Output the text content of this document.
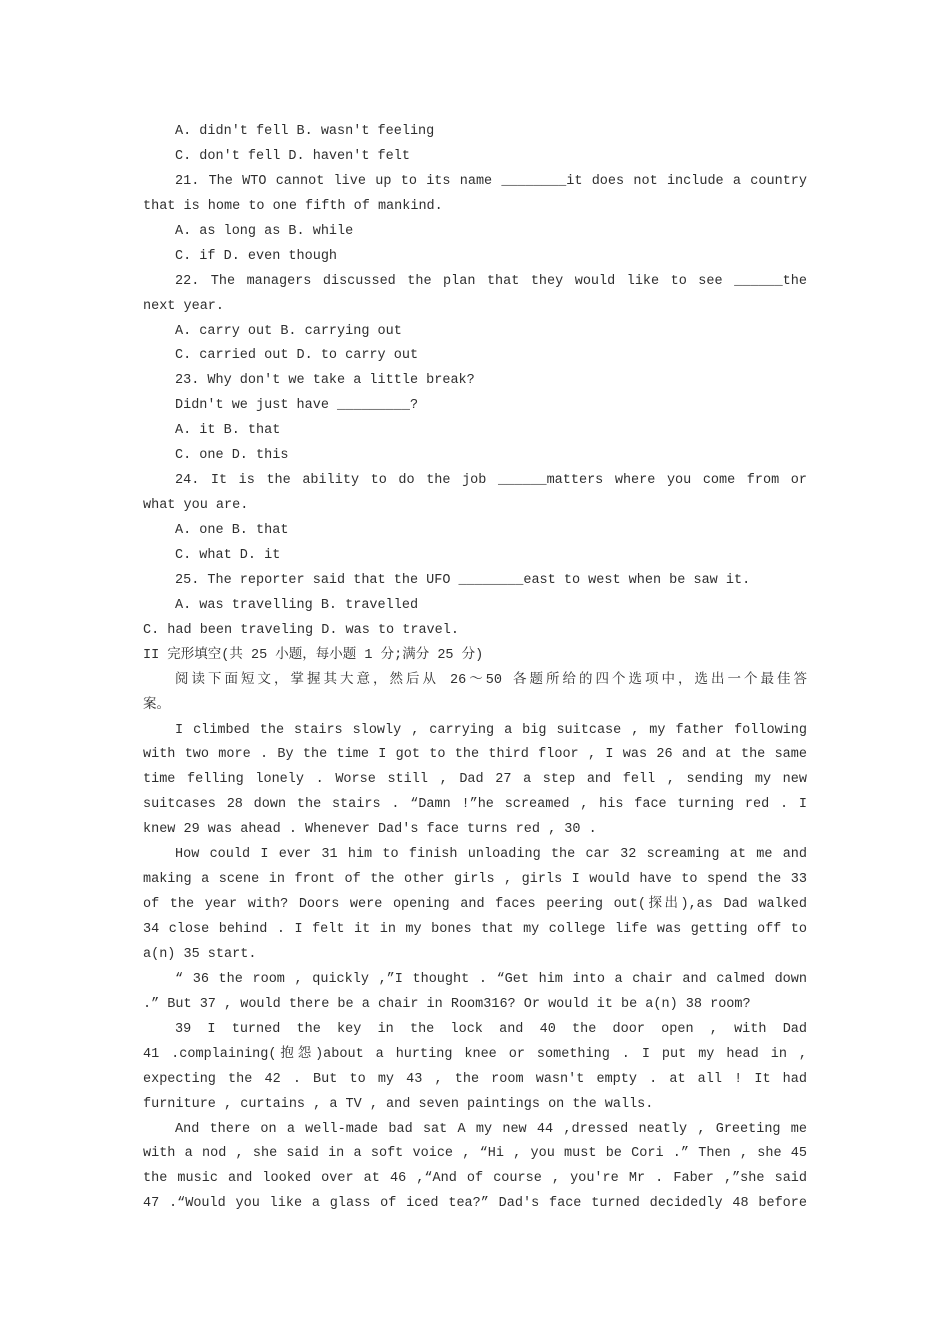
A. didn't fell B. wasn't feeling
C. don't fell D. haven't felt
21. The WTO cannot live up to its name ________it does not include a country
that is home to one fifth of mankind.
A. as long as B. while
C. if D. even though
22. The managers discussed the plan that they would like to see ______the
next year.
A. carry out B. carrying out
C. carried out D. to carry out
23. Why don't we take a little break?
Didn't we just have _________?
A. it B. that
C. one D. this
24. It is the ability to do the job ______matters where you come from or
what you are.
A. one B. that
C. what D. it
25. The reporter said that the UFO ________east to west when be saw it.
A. was travelling B. travelled
C. had been traveling D. was to travel.
II 完形填空(共 25 小题，每小题 1 分;满分 25 分)
阅读下面短文，掌握其大意，然后从 26～50 各题所给的四个选项中，选出一个最佳答
案。
I climbed the stairs slowly , carrying a big suitcase , my father following
with two more . By the time I got to the third floor , I was 26 and at the same
time felling lonely . Worse still , Dad 27 a step and fell , sending my new
suitcases 28 down the stairs . “Damn !”he screamed , his face turning red . I
knew 29 was ahead . Whenever Dad's face turns red , 30 .
How could I ever 31 him to finish unloading the car 32 screaming at me and
making a scene in front of the other girls , girls I would have to spend the 33
of the year with? Doors were opening and faces peering out(探出),as Dad walked
34 close behind . I felt it in my bones that my college life was getting off to
a(n) 35 start.
“ 36 the room , quickly ,”I thought . “Get him into a chair and calmed down
.” But 37 , would there be a chair in Room316? Or would it be a(n) 38 room?
39 I turned the key in the lock and 40 the door open , with Dad
41 .complaining(抱怨)about a hurting knee or something . I put my head in ,
expecting the 42 . But to my 43 , the room wasn't empty . at all ! It had
furniture , curtains , a TV , and seven paintings on the walls.
And there on a well-made bad sat A my new 44 ,dressed neatly , Greeting me
with a nod , she said in a soft voice , “Hi , you must be Cori .” Then , she 45
the music and looked over at 46 ,“And of course , you're Mr . Faber ,”she said
47 .“Would you like a glass of iced tea?” Dad's face turned decidedly 48 before
